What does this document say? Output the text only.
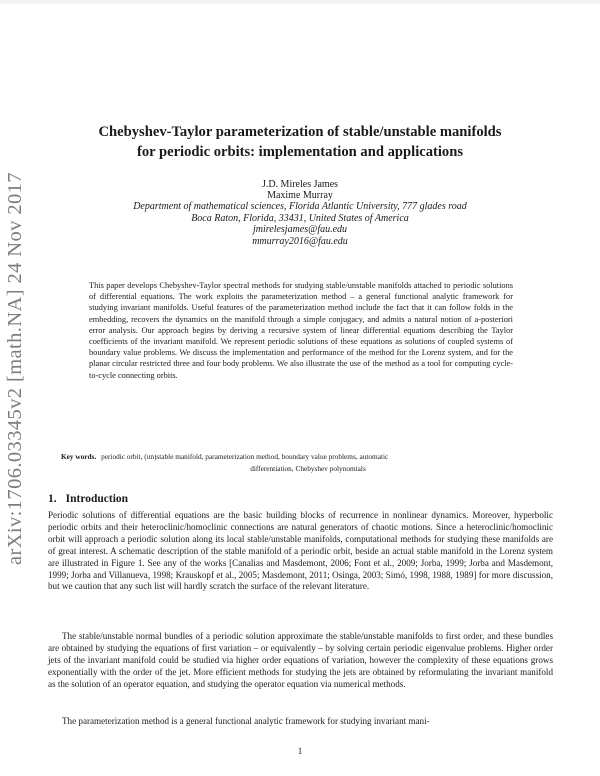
arXiv:1706.03345v2 [math.NA] 24 Nov 2017
Chebyshev-Taylor parameterization of stable/unstable manifolds
for periodic orbits: implementation and applications
J.D. Mireles James
Maxime Murray
Department of mathematical sciences, Florida Atlantic University, 777 glades road
Boca Raton, Florida, 33431, United States of America
jmirelesjames@fau.edu
mmurray2016@fau.edu

This paper develops Chebyshev-Taylor spectral methods for studying stable/unstable manifolds attached to periodic solutions of differential equations. The work exploits the parameterization method – a general functional analytic framework for studying invariant manifolds. Useful features of the parameterization method include the fact that it can follow folds in the embedding, recovers the dynamics on the manifold through a simple conjugacy, and admits a natural notion of a-posteriori error analysis. Our approach begins by deriving a recursive system of linear differential equations describing the Taylor coefficients of the invariant manifold. We represent periodic solutions of these equations as solutions of coupled systems of boundary value problems. We discuss the implementation and performance of the method for the Lorenz system, and for the planar circular restricted three and four body problems. We also illustrate the use of the method as a tool for computing cycle-to-cycle connecting orbits.

Key words. periodic orbit, (un)stable manifold, parameterization method, boundary value problems, automatic
differentiation, Chebyshev polynomials
1. Introduction

Periodic solutions of differential equations are the basic building blocks of recurrence in nonlinear dynamics. Moreover, hyperbolic periodic orbits and their heteroclinic/homoclinic connections are natural generators of chaotic motions. Since a heteroclinic/homoclinic orbit will approach a periodic solution along its local stable/unstable manifolds, computational methods for studying these manifolds are of great interest. A schematic description of the stable manifold of a periodic orbit, beside an actual stable manifold in the Lorenz system are illustrated in Figure 1. See any of the works [Canalias and Masdemont, 2006; Font et al., 2009; Jorba, 1999; Jorba and Masdemont, 1999; Jorba and Villanueva, 1998; Krauskopf et al., 2005; Masdemont, 2011; Osinga, 2003; Simó, 1998, 1988, 1989] for more discussion, but we caution that any such list will hardly scratch the surface of the relevant literature.

The stable/unstable normal bundles of a periodic solution approximate the stable/unstable manifolds to first order, and these bundles are obtained by studying the equations of first variation – or equivalently – by solving certain periodic eigenvalue problems. Higher order jets of the invariant manifold could be studied via higher order equations of variation, however the complexity of these equations grows exponentially with the order of the jet. More efficient methods for studying the jets are obtained by reformulating the invariant manifold as the solution of an operator equation, and studying the operator equation via numerical methods.

The parameterization method is a general functional analytic framework for studying invariant mani-

1
